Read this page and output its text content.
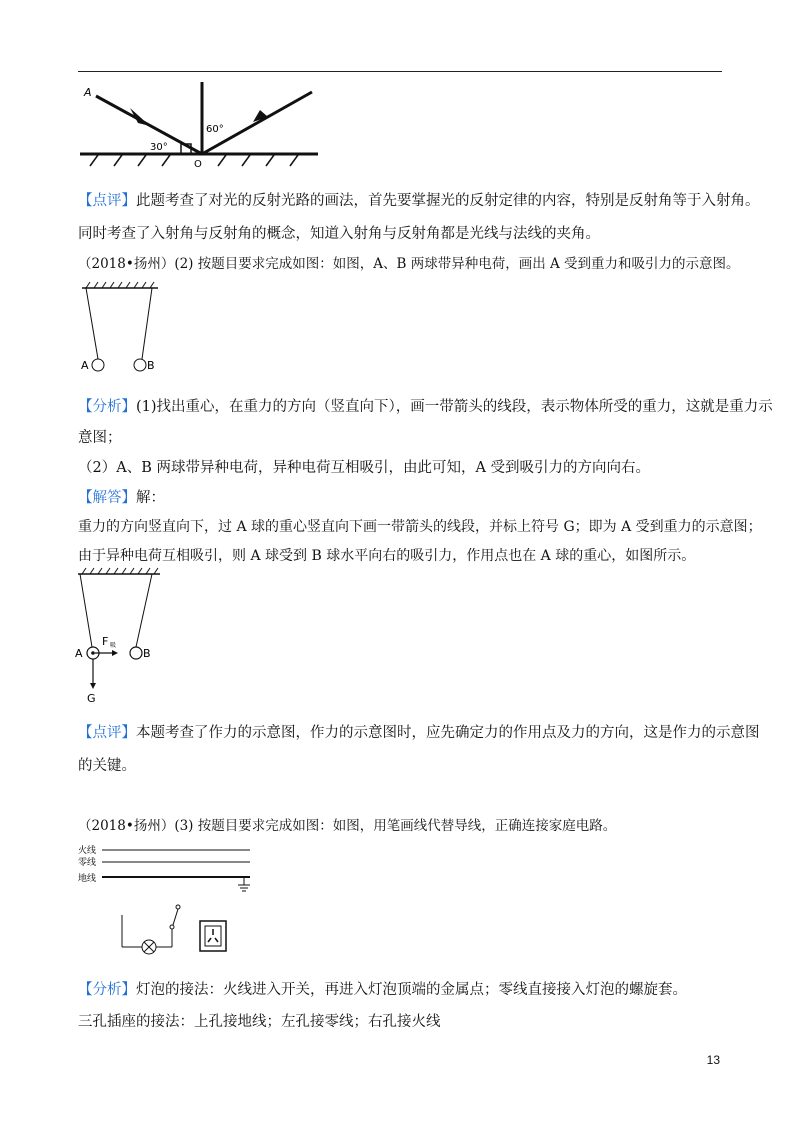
A
30°
60°
O
【点评】此题考查了对光的反射光路的画法，首先要掌握光的反射定律的内容，特别是反射角等于入射角。
同时考查了入射角与反射角的概念，知道入射角与反射角都是光线与法线的夹角。
（2018•扬州）(2) 按题目要求完成如图：如图，A、B 两球带异种电荷，画出 A 受到重力和吸引力的示意图。
A	B
【分析】(1)找出重心，在重力的方向（竖直向下），画一带箭头的线段，表示物体所受的重力，这就是重力示
意图；
（2）A、B 两球带异种电荷，异种电荷互相吸引，由此可知，A 受到吸引力的方向向右。
【解答】解：
重力的方向竖直向下，过 A 球的重心竖直向下画一带箭头的线段，并标上符号 G；即为 A 受到重力的示意图；
由于异种电荷互相吸引，则 A 球受到 B 球水平向右的吸引力，作用点也在 A 球的重心，如图所示。
A	B
F 吸
G
【点评】本题考查了作力的示意图，作力的示意图时，应先确定力的作用点及力的方向，这是作力的示意图
的关键。
（2018•扬州）(3) 按题目要求完成如图：如图，用笔画线代替导线，正确连接家庭电路。
火线
零线
地线
【分析】灯泡的接法：火线进入开关，再进入灯泡顶端的金属点；零线直接接入灯泡的螺旋套。
三孔插座的接法：上孔接地线；左孔接零线；右孔接火线
13
